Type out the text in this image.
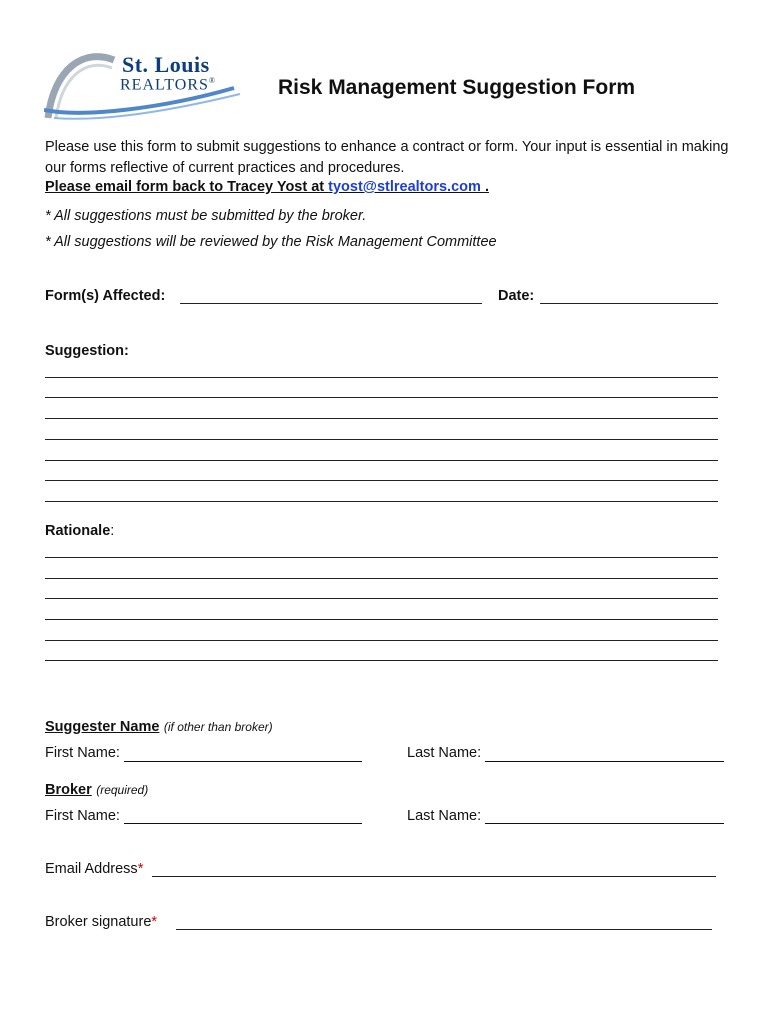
St. Louis
REALTORS®	Risk Management Suggestion Form
Please use this form to submit suggestions to enhance a contract or form. Your input is essential in making our forms reflective of current practices and procedures.
Please email form back to Tracey Yost at tyost@stlrealtors.com .
* All suggestions must be submitted by the broker.
* All suggestions will be reviewed by the Risk Management Committee
Form(s) Affected:	Date:
Suggestion:
Rationale:
Suggester Name (if other than broker)
First Name:	Last Name:
Broker (required)
First Name:	Last Name:
Email Address*
Broker signature*
